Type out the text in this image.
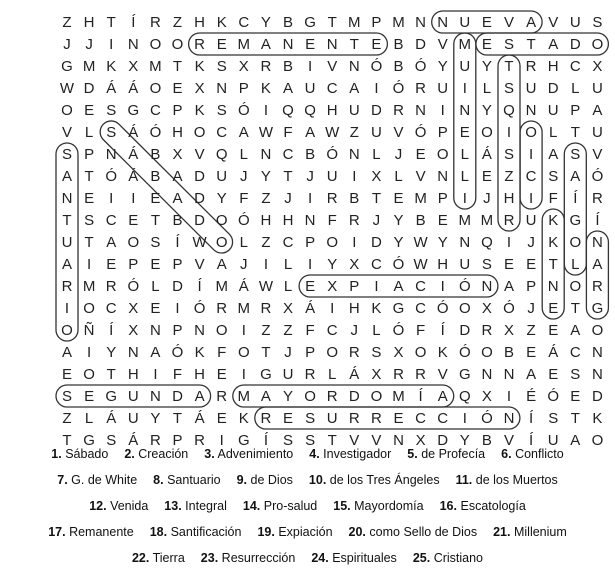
Z H T Í R Z H K C Y B G T M P M N N U E V A V U S
J J I N O O R E M A N E N T E B D V M E S T A D O
G M K X M T K S X R B I V N Ó B Ó Y U Y T R H C X
W D Á Á O E X N P K A U C A I Ó R U I L S U D L U
O E S G C P K S Ó I Q Q H U D R N I N Y Q N U P A
V L S Á Ó H O C A W F A W Z U V Ó P E O I O L T U
S P N Á B X V Q L N C B Ó N L J E O L Á S I A S V
A T Ó Á B A D U J Y T J U I X L V N L E Z C S A Ó
N E I I E A D Y F Z J I R B T E M P I J H I F Í R
T S C E T B D O Ó H H N F R J Y B E M M R U K G Í
U T A O S Í W O L Z C P O I D Y W Y N Q I J K O N
A I E P E P V A J I L I Y X C Ó W H U S E E T L A
R M R Ó L D Í M Á W L E X P I A C I Ó N A P N O R
I O C X E I Ó R M R X Á I H K G C Ó O X Ó J E T G
O Ñ Í X N P N O I Z Z F C J L Ó F Í D R X Z E A O
A I Y N A Ó K F O T J P O R S X O K Ó O B E Á C N
E O T H I F H E I G U R L Á X R R V G N N A E S N
S E G U N D A R M A Y O R D O M Í A Q X I É Ó E D
Z L Á U Y T Á E K R E S U R R E C C I Ó N Í S T K
T G S Á R P R I G Í S S T V V N X D Y B V Í U A O
1. Sábado 2. Creación 3. Advenimiento 4. Investigador 5. de Profecía 6. Conflicto
7. G. de White 8. Santuario 9. de Dios 10. de los Tres Ángeles 11. de los Muertos
12. Venida 13. Integral 14. Pro-salud 15. Mayordomía 16. Escatología
17. Remanente 18. Santificación 19. Expiación 20. como Sello de Dios 21. Millenium
22. Tierra 23. Resurrección 24. Espirituales 25. Cristiano
